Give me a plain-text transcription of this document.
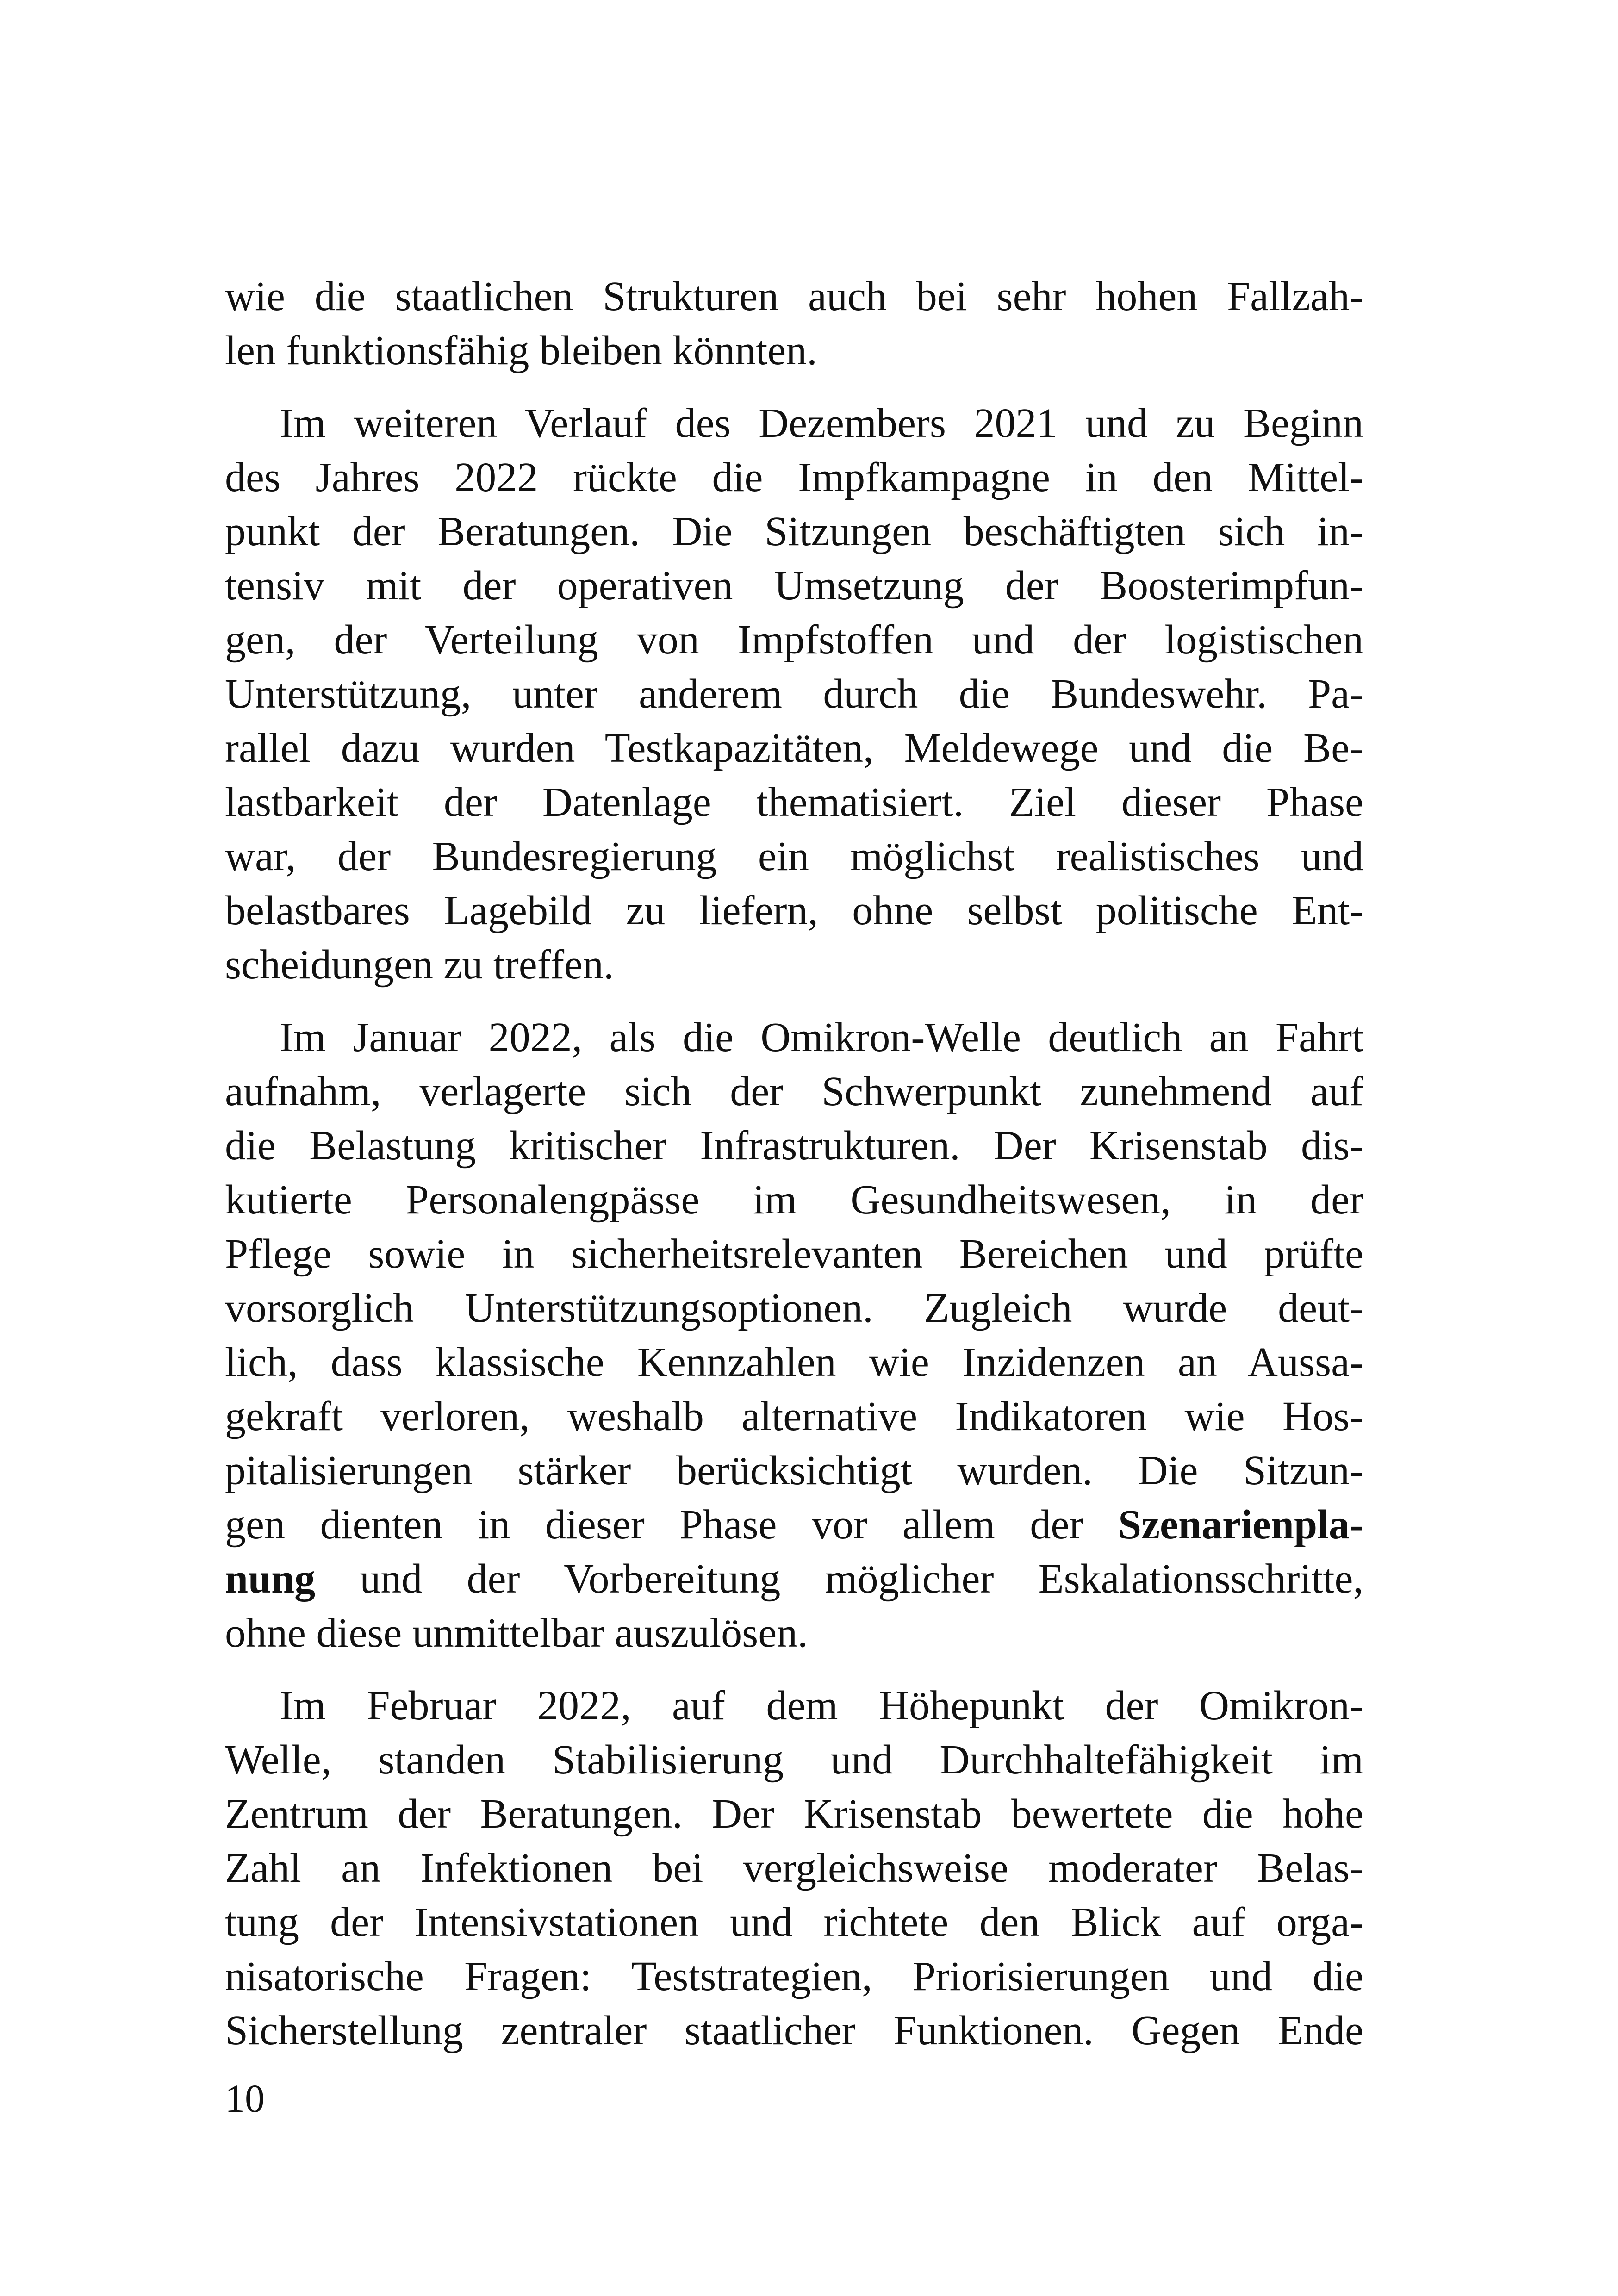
wie die staatlichen Strukturen auch bei sehr hohen Fallzah-
len funktionsfähig bleiben könnten.
Im weiteren Verlauf des Dezembers 2021 und zu Beginn
des Jahres 2022 rückte die Impfkampagne in den Mittel-
punkt der Beratungen. Die Sitzungen beschäftigten sich in-
tensiv mit der operativen Umsetzung der Boosterimpfun-
gen, der Verteilung von Impfstoffen und der logistischen
Unterstützung, unter anderem durch die Bundeswehr. Pa-
rallel dazu wurden Testkapazitäten, Meldewege und die Be-
lastbarkeit der Datenlage thematisiert. Ziel dieser Phase
war, der Bundesregierung ein möglichst realistisches und
belastbares Lagebild zu liefern, ohne selbst politische Ent-
scheidungen zu treffen.
Im Januar 2022, als die Omikron-Welle deutlich an Fahrt
aufnahm, verlagerte sich der Schwerpunkt zunehmend auf
die Belastung kritischer Infrastrukturen. Der Krisenstab dis-
kutierte Personalengpässe im Gesundheitswesen, in der
Pflege sowie in sicherheitsrelevanten Bereichen und prüfte
vorsorglich Unterstützungsoptionen. Zugleich wurde deut-
lich, dass klassische Kennzahlen wie Inzidenzen an Aussa-
gekraft verloren, weshalb alternative Indikatoren wie Hos-
pitalisierungen stärker berücksichtigt wurden. Die Sitzun-
gen dienten in dieser Phase vor allem der Szenarienpla-
nung und der Vorbereitung möglicher Eskalationsschritte,
ohne diese unmittelbar auszulösen.
Im Februar 2022, auf dem Höhepunkt der Omikron-
Welle, standen Stabilisierung und Durchhaltefähigkeit im
Zentrum der Beratungen. Der Krisenstab bewertete die hohe
Zahl an Infektionen bei vergleichsweise moderater Belas-
tung der Intensivstationen und richtete den Blick auf orga-
nisatorische Fragen: Teststrategien, Priorisierungen und die
Sicherstellung zentraler staatlicher Funktionen. Gegen Ende
10
